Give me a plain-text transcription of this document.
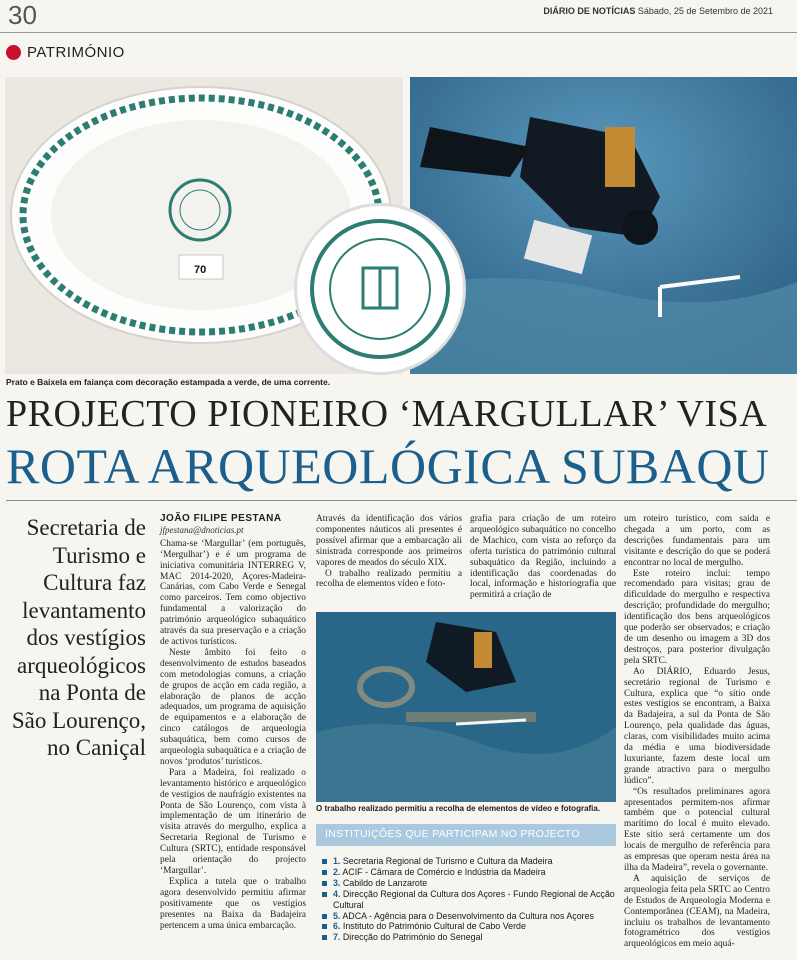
30	DIÁRIO DE NOTÍCIAS Sábado, 25 de Setembro de 2021
PATRIMÓNIO
70
Prato e Baixela em faiança com decoração estampada a verde, de uma corrente.
PROJECTO PIONEIRO ‘MARGULLAR’ VISA
ROTA ARQUEOLÓGICA SUBAQU
Secretaria de Turismo e Cultura faz levantamento dos vestígios arqueológicos na Ponta de São Lourenço, no Caniçal
JOÃO FILIPE PESTANA
jfpestana@dnoticias.pt

Chama-se ‘Margullar’ (em português, ‘Mergulhar’) e é um programa de iniciativa comunitária INTERREG V, MAC 2014-2020, Açores-Madeira-Canárias, com Cabo Verde e Senegal como parceiros. Tem como objectivo fundamental a valorização do património arqueológico subaquático através da sua preservação e a criação de activos turísticos.

Neste âmbito foi feito o desenvolvimento de estudos baseados com metodologias comuns, a criação de grupos de acção em cada região, a elaboração de planos de acção adequados, um programa de aquisição de equipamentos e a elaboração de cinco catálogos de arqueologia subaquática, bem como cursos de arqueologia subaquática e a criação de novos ‘produtos’ turísticos.

Para a Madeira, foi realizado o levantamento histórico e arqueológico de vestígios de naufrágio existentes na Ponta de São Lourenço, com vista à implementação de um itinerário de visita através do mergulho, explica a Secretaria Regional de Turismo e Cultura (SRTC), entidade responsável pela orientação do projecto ‘Margullar’.

Explica a tutela que o trabalho agora desenvolvido permitiu afirmar positivamente que os vestígios presentes na Baixa da Badajeira pertencem a uma única embarcação.

Através da identificação dos vários componentes náuticos ali presentes é possível afirmar que a embarcação ali sinistrada corresponde aos primeiros vapores de meados do século XIX.

O trabalho realizado permitiu a recolha de elementos vídeo e foto-

grafia para criação de um roteiro arqueológico subaquático no concelho de Machico, com vista ao reforço da oferta turística do património cultural subaquático da Região, incluindo a identificação das coordenadas do local, informação e historiografia que permitirá a criação de

O trabalho realizado permitiu a recolha de elementos de vídeo e fotografia.
INSTITUIÇÕES QUE PARTICIPAM NO PROJECTO
1. Secretaria Regional de Turismo e Cultura da Madeira
2. ACIF - Câmara de Comércio e Indústria da Madeira
3. Cabildo de Lanzarote
4. Direcção Regional da Cultura dos Açores - Fundo Regional de Acção Cultural
5. ADCA - Agência para o Desenvolvimento da Cultura nos Açores
6. Instituto do Património Cultural de Cabo Verde
7. Direcção do Património do Senegal

um roteiro turístico, com saída e chegada a um porto, com as descrições fundamentais para um visitante e descrição do que se poderá encontrar no local de mergulho.

Este roteiro inclui: tempo recomendado para visitas; grau de dificuldade do mergulho e respectiva descrição; profundidade do mergulho; identificação dos bens arqueológicos que poderão ser observados; e criação de um desenho ou imagem a 3D dos destroços, para posterior divulgação pela SRTC.

Ao DIÁRIO, Eduardo Jesus, secretário regional de Turismo e Cultura, explica que “o sítio onde estes vestígios se encontram, a Baixa da Badajeira, a sul da Ponta de São Lourenço, pela qualidade das águas, claras, com visibilidades muito acima da média e uma biodiversidade luxuriante, fazem deste local um grande atractivo para o mergulho lúdico”.

“Os resultados preliminares agora apresentados permitem-nos afirmar também que o potencial cultural marítimo do local é muito elevado. Este sítio será certamente um dos locais de mergulho de referência para as empresas que operam nesta área na ilha da Madeira”, revela o governante.

A aquisição de serviços de arqueologia feita pela SRTC ao Centro de Estudos de Arqueologia Moderna e Contemporânea (CEAM), na Madeira, incluiu os trabalhos de levantamento fotogramétrico dos vestígios arqueológicos em meio aquá-
